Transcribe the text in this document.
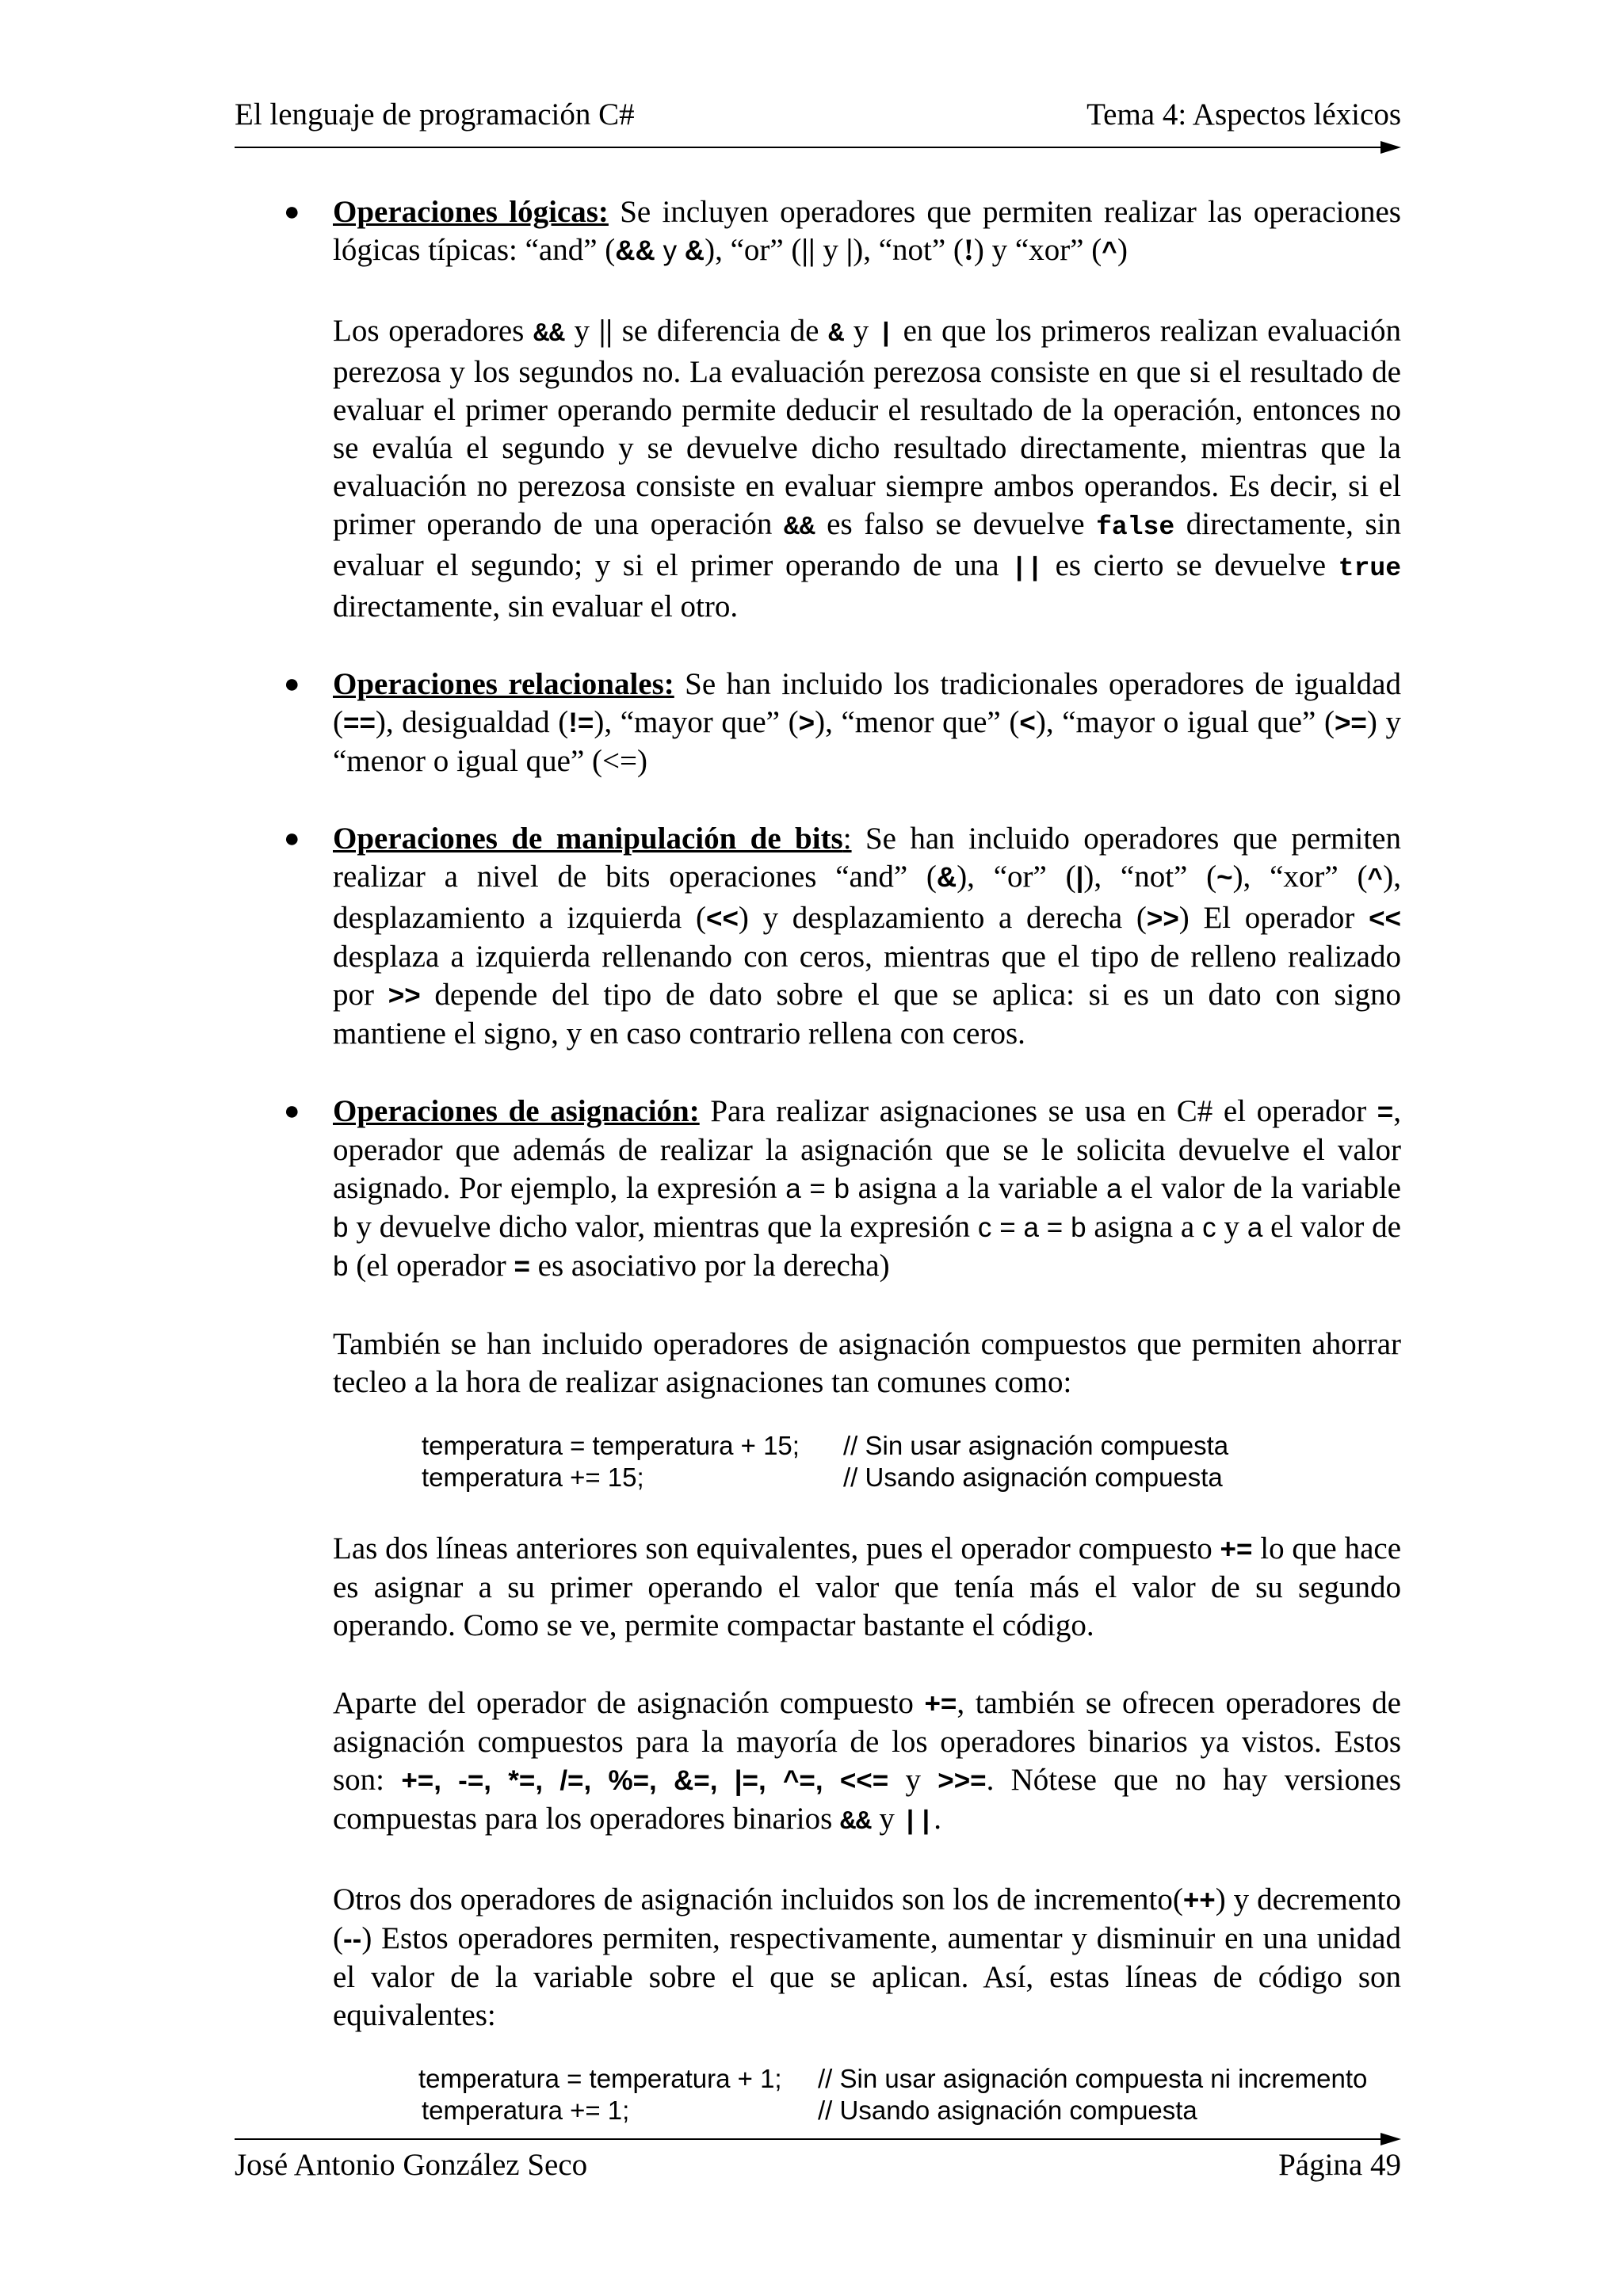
El lenguaje de programación C#	Tema 4: Aspectos léxicos
● Operaciones lógicas: Se incluyen operadores que permiten realizar las operaciones lógicas típicas: “and” (&& y &), “or” (|| y |), “not” (!) y “xor” (^)

Los operadores && y || se diferencia de & y | en que los primeros realizan evaluación perezosa y los segundos no. La evaluación perezosa consiste en que si el resultado de evaluar el primer operando permite deducir el resultado de la operación, entonces no se evalúa el segundo y se devuelve dicho resultado directamente, mientras que la evaluación no perezosa consiste en evaluar siempre ambos operandos. Es decir, si el primer operando de una operación && es falso se devuelve false directamente, sin evaluar el segundo; y si el primer operando de una || es cierto se devuelve true directamente, sin evaluar el otro.

● Operaciones relacionales: Se han incluido los tradicionales operadores de igualdad (==), desigualdad (!=), “mayor que” (>), “menor que” (<), “mayor o igual que” (>=) y “menor o igual que” (<=)

● Operaciones de manipulación de bits: Se han incluido operadores que permiten realizar a nivel de bits operaciones “and” (&), “or” (|), “not” (~), “xor” (^), desplazamiento a izquierda (<<) y desplazamiento a derecha (>>) El operador << desplaza a izquierda rellenando con ceros, mientras que el tipo de relleno realizado por >> depende del tipo de dato sobre el que se aplica: si es un dato con signo mantiene el signo, y en caso contrario rellena con ceros.

● Operaciones de asignación: Para realizar asignaciones se usa en C# el operador =, operador que además de realizar la asignación que se le solicita devuelve el valor asignado. Por ejemplo, la expresión a = b asigna a la variable a el valor de la variable b y devuelve dicho valor, mientras que la expresión c = a = b asigna a c y a el valor de b (el operador = es asociativo por la derecha)

También se han incluido operadores de asignación compuestos que permiten ahorrar tecleo a la hora de realizar asignaciones tan comunes como:

temperatura = temperatura + 15;	// Sin usar asignación compuesta
temperatura += 15;	// Usando asignación compuesta

Las dos líneas anteriores son equivalentes, pues el operador compuesto += lo que hace es asignar a su primer operando el valor que tenía más el valor de su segundo operando. Como se ve, permite compactar bastante el código.

Aparte del operador de asignación compuesto +=, también se ofrecen operadores de asignación compuestos para la mayoría de los operadores binarios ya vistos. Estos son: +=, -=, *=, /=, %=, &=, |=, ^=, <<= y >>=. Nótese que no hay versiones compuestas para los operadores binarios && y ||.

Otros dos operadores de asignación incluidos son los de incremento(++) y decremento (--) Estos operadores permiten, respectivamente, aumentar y disminuir en una unidad el valor de la variable sobre el que se aplican. Así, estas líneas de código son equivalentes:

temperatura = temperatura + 1;	// Sin usar asignación compuesta ni incremento
temperatura += 1;	// Usando asignación compuesta
José Antonio González Seco	Página 49
